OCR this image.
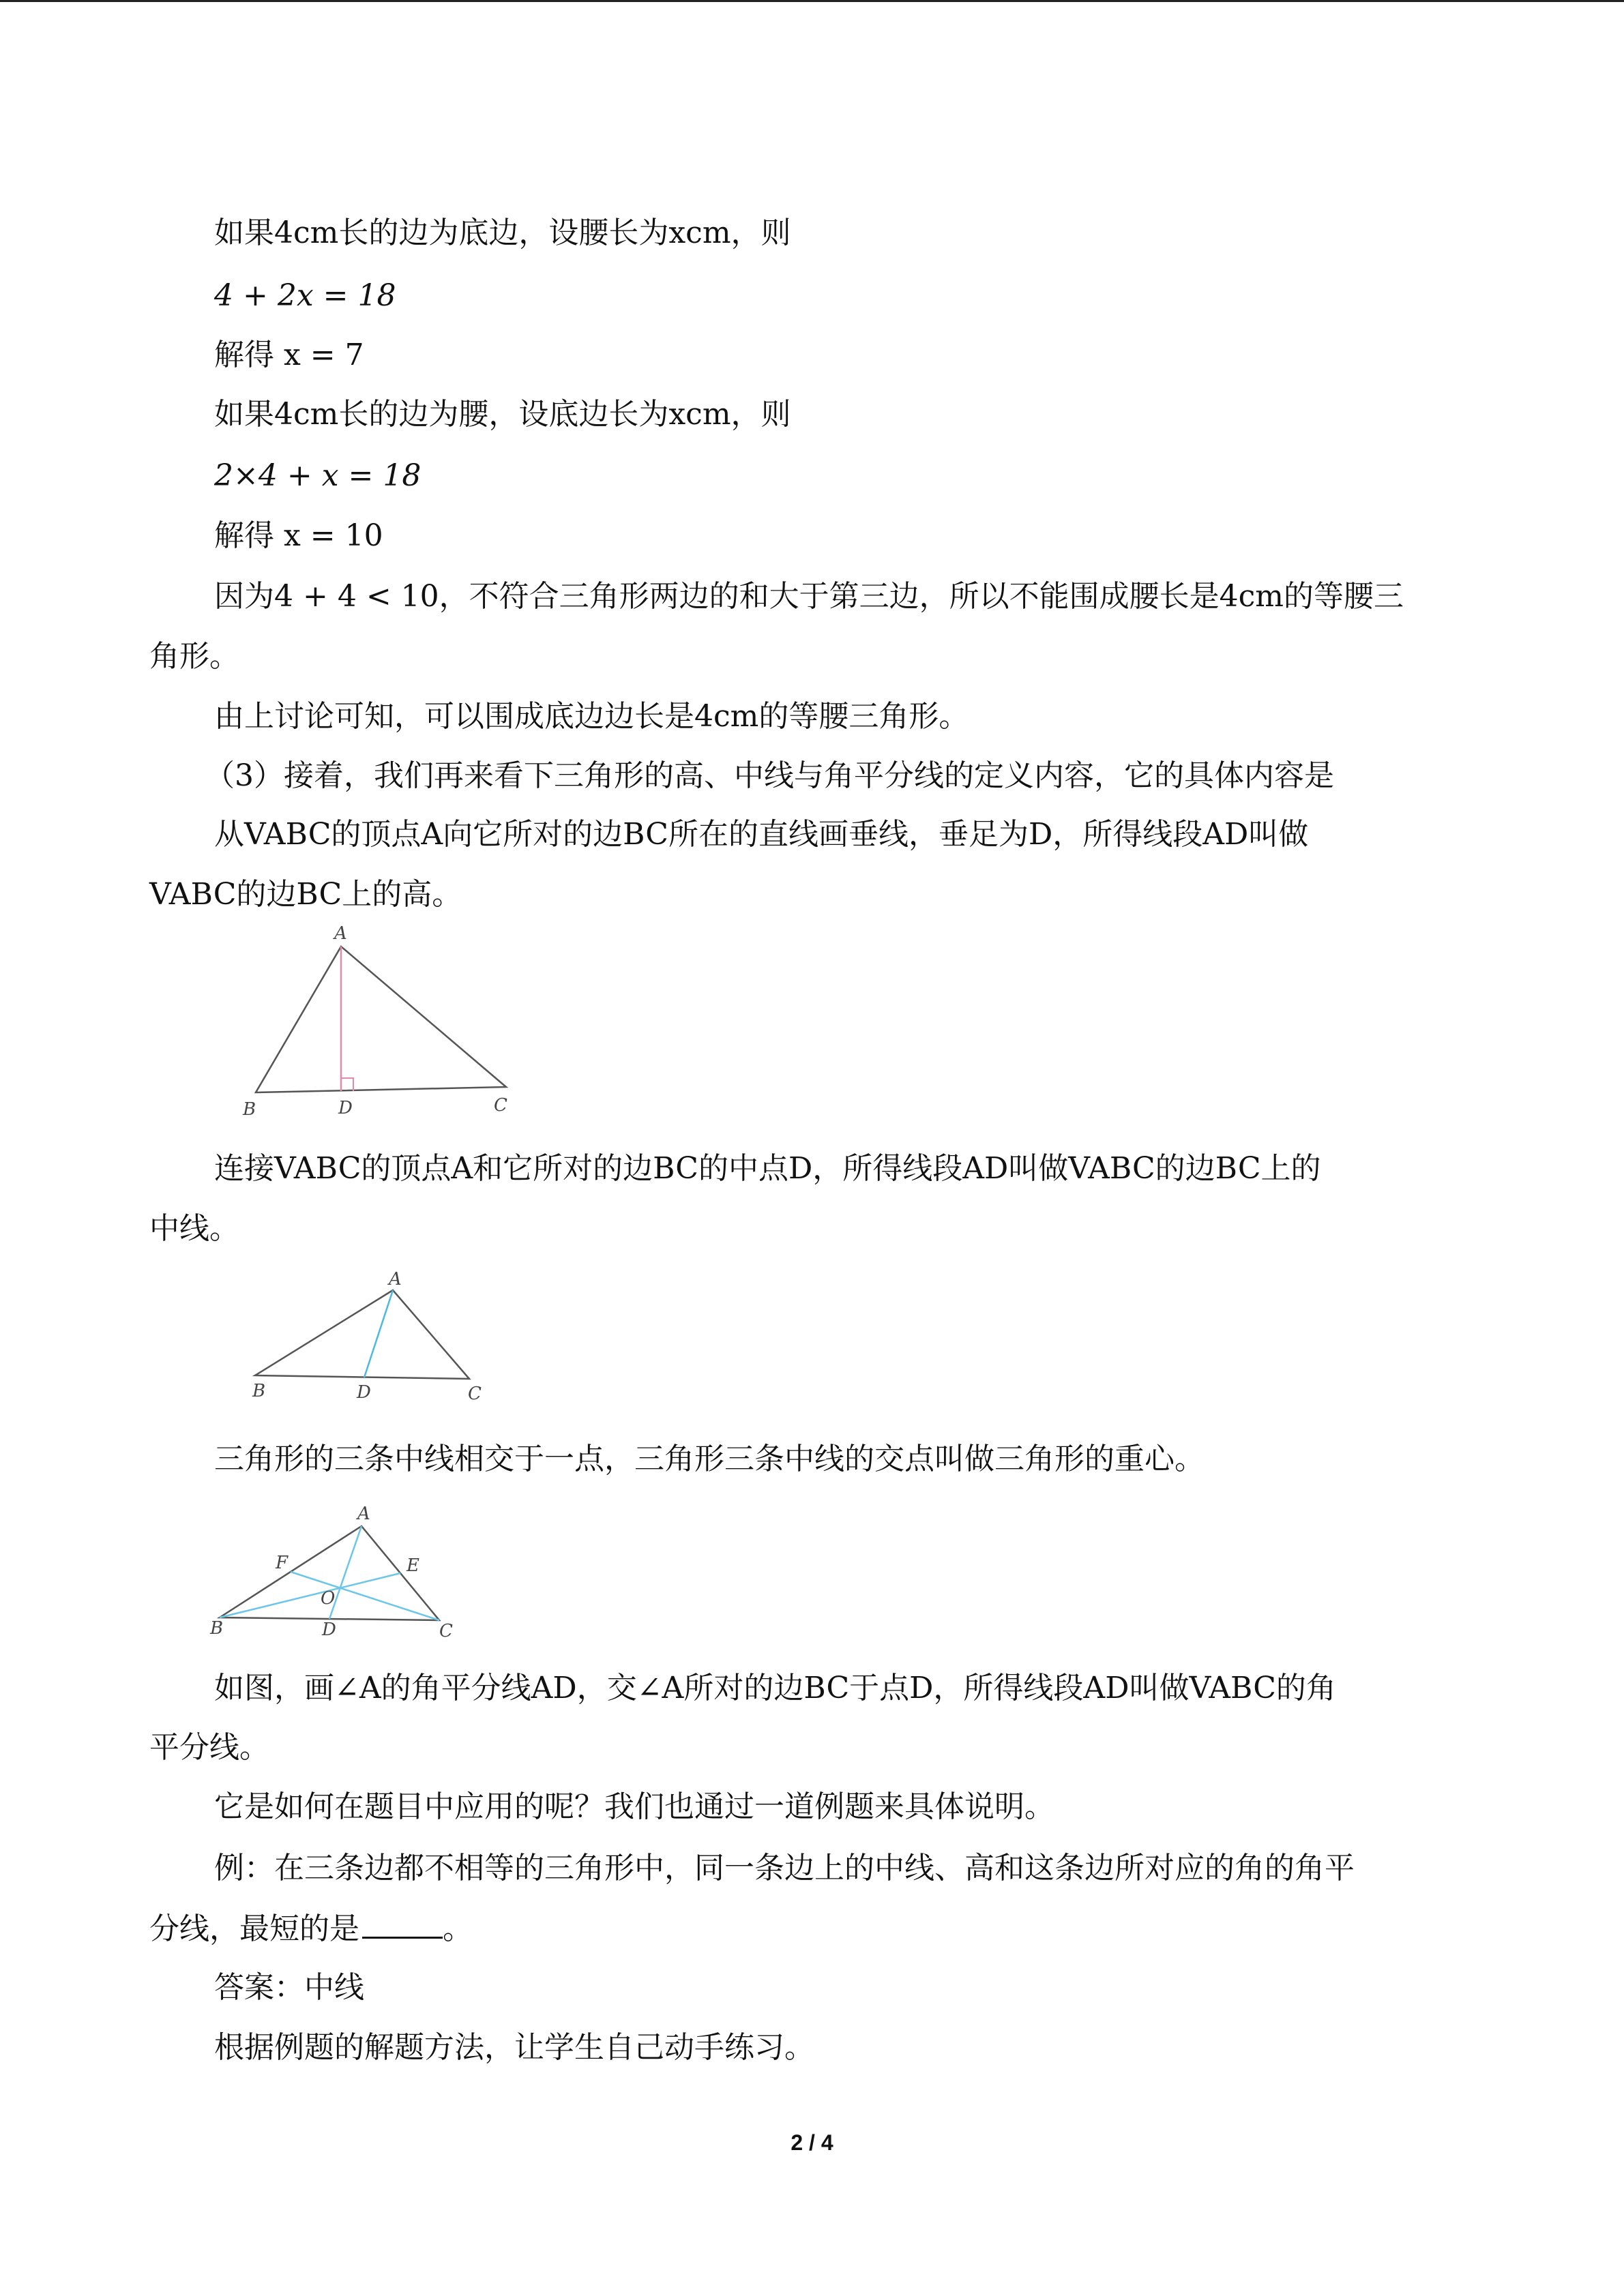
如果4cm长的边为底边，设腰长为xcm，则
4 + 2x = 18
解得 x = 7
如果4cm长的边为腰，设底边长为xcm，则
2×4 + x = 18
解得 x = 10
因为4 + 4 < 10，不符合三角形两边的和大于第三边，所以不能围成腰长是4cm的等腰三
角形。
由上讨论可知，可以围成底边边长是4cm的等腰三角形。
（3）接着，我们再来看下三角形的高、中线与角平分线的定义内容，它的具体内容是
从VABC的顶点A向它所对的边BC所在的直线画垂线，垂足为D，所得线段AD叫做
VABC的边BC上的高。
A
B	D	C
连接VABC的顶点A和它所对的边BC的中点D，所得线段AD叫做VABC的边BC上的
中线。
A
B	D	C
三角形的三条中线相交于一点，三角形三条中线的交点叫做三角形的重心。
A
F	E
O
B	D	C
如图，画∠A的角平分线AD，交∠A所对的边BC于点D，所得线段AD叫做VABC的角
平分线。
它是如何在题目中应用的呢？我们也通过一道例题来具体说明。
例：在三条边都不相等的三角形中，同一条边上的中线、高和这条边所对应的角的角平
分线，最短的是	。
答案：中线
根据例题的解题方法，让学生自己动手练习。
2 / 4
